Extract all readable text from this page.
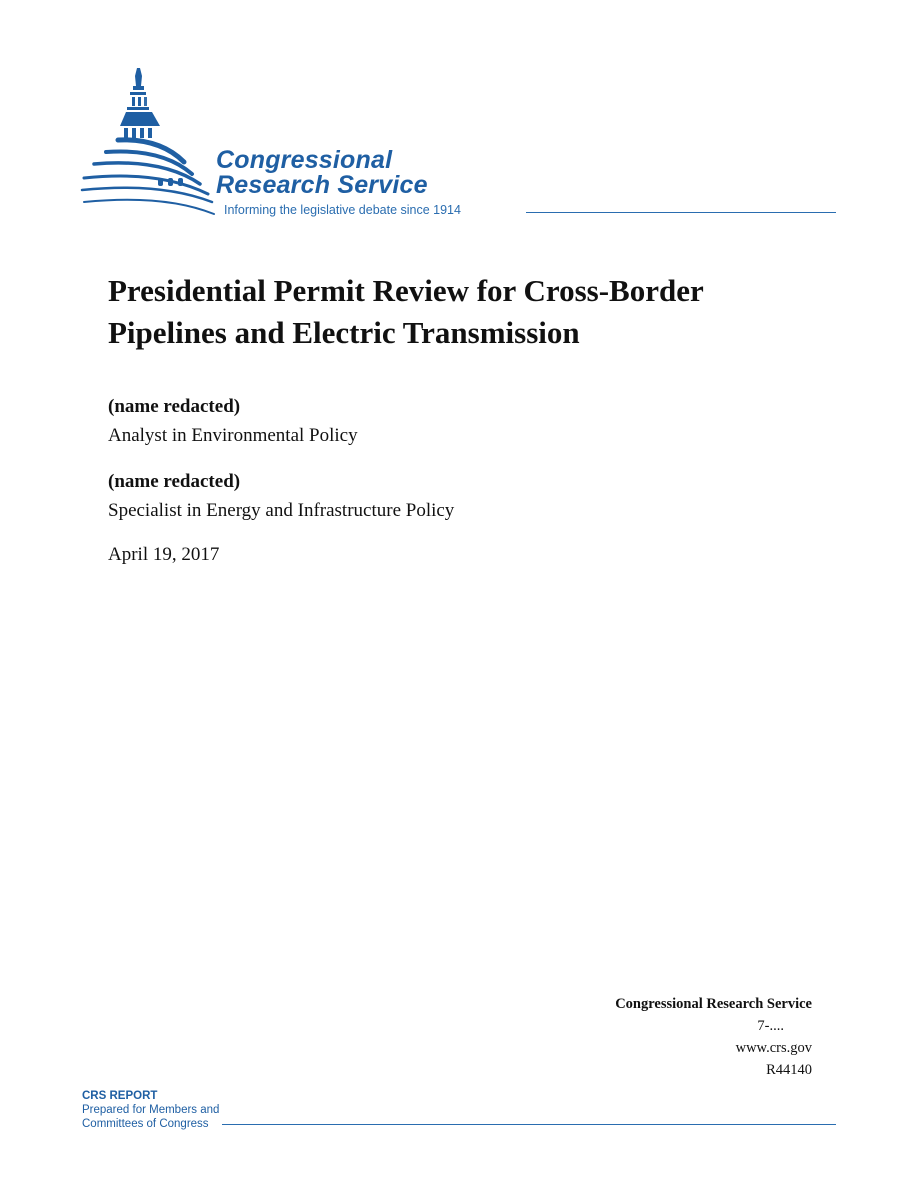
Congressional
Research Service
Informing the legislative debate since 1914
Presidential Permit Review for Cross-Border Pipelines and Electric Transmission
(name redacted)
Analyst in Environmental Policy
(name redacted)
Specialist in Energy and Infrastructure Policy
April 19, 2017
Congressional Research Service
7-....
www.crs.gov
R44140
CRS REPORT
Prepared for Members and
Committees of Congress
